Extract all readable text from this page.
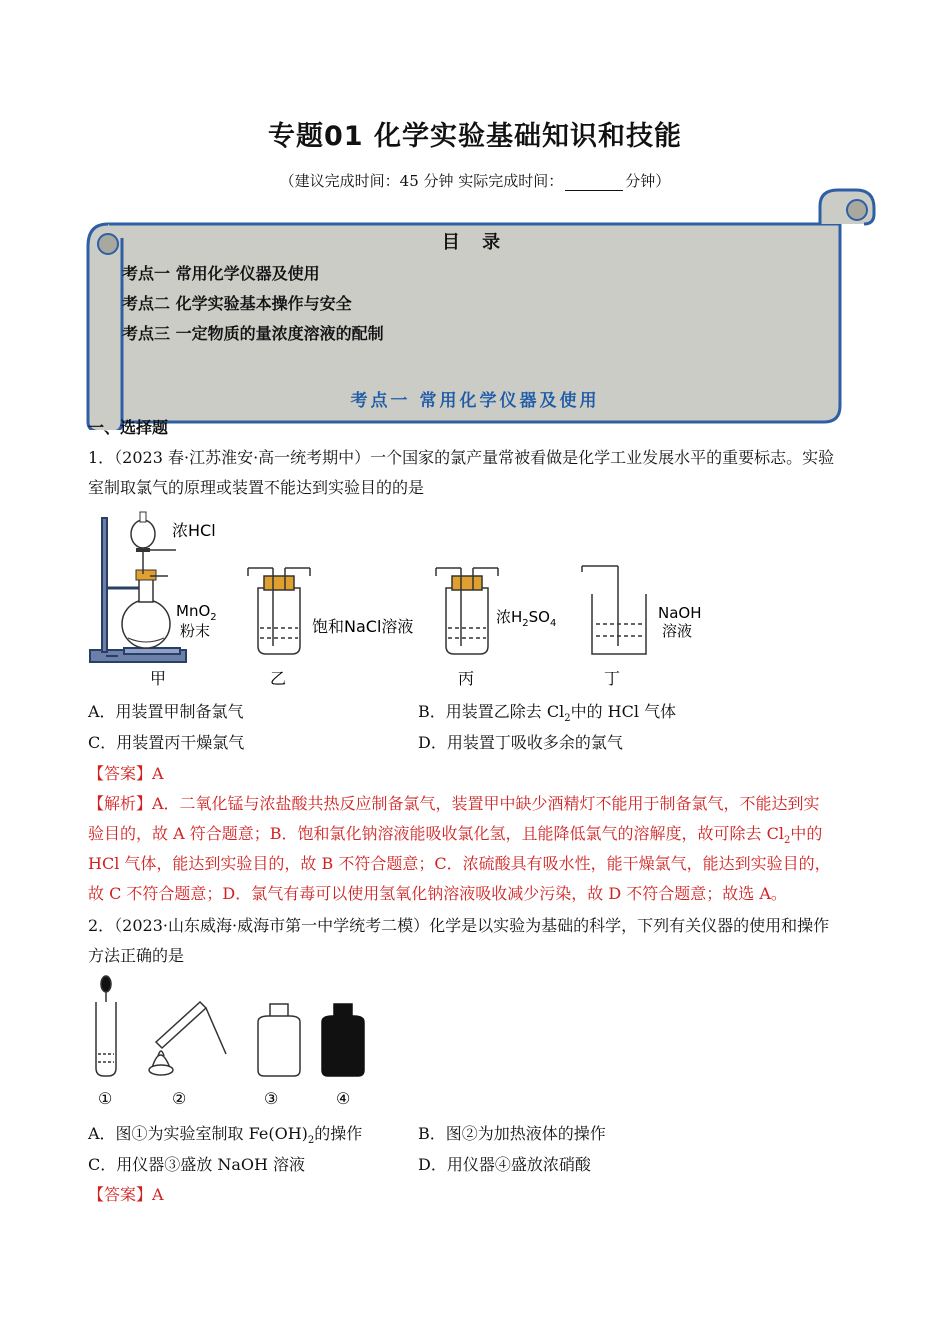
专题01 化学实验基础知识和技能
（建议完成时间：45 分钟 实际完成时间：	分钟）
目 录
考点一 常用化学仪器及使用
考点二 化学实验基本操作与安全
考点三 一定物质的量浓度溶液的配制
考点一 常用化学仪器及使用
一、选择题
1．（2023 春·江苏淮安·高一统考期中）一个国家的氯产量常被看做是化学工业发展水平的重要标志。实验
室制取氯气的原理或装置不能达到实验目的的是
浓HCl
MnO$_2$
粉末	饱和NaCl溶液	浓$H_2SO_4$
NaOH
溶液
甲	乙	丙	丁
A．用装置甲制备氯气	B．用装置乙除去 $Cl_2$中的 HCl 气体
C．用装置丙干燥氯气	D．用装置丁吸收多余的氯气
【答案】A
【解析】A．二氧化锰与浓盐酸共热反应制备氯气，装置甲中缺少酒精灯不能用于制备氯气，不能达到实
验目的，故 A 符合题意；B．饱和氯化钠溶液能吸收氯化氢，且能降低氯气的溶解度，故可除去 $Cl_2$中的
HCl 气体，能达到实验目的，故 B 不符合题意；C．浓硫酸具有吸水性，能干燥氯气，能达到实验目的，
故 C 不符合题意；D．氯气有毒可以使用氢氧化钠溶液吸收减少污染，故 D 不符合题意；故选 A。
2．（2023·山东威海·威海市第一中学统考二模）化学是以实验为基础的科学，下列有关仪器的使用和操作
方法正确的是
①	②	③	④
A．图①为实验室制取 $Fe(OH)_2$的操作	B．图②为加热液体的操作
C．用仪器③盛放 NaOH 溶液	D．用仪器④盛放浓硝酸
【答案】A
